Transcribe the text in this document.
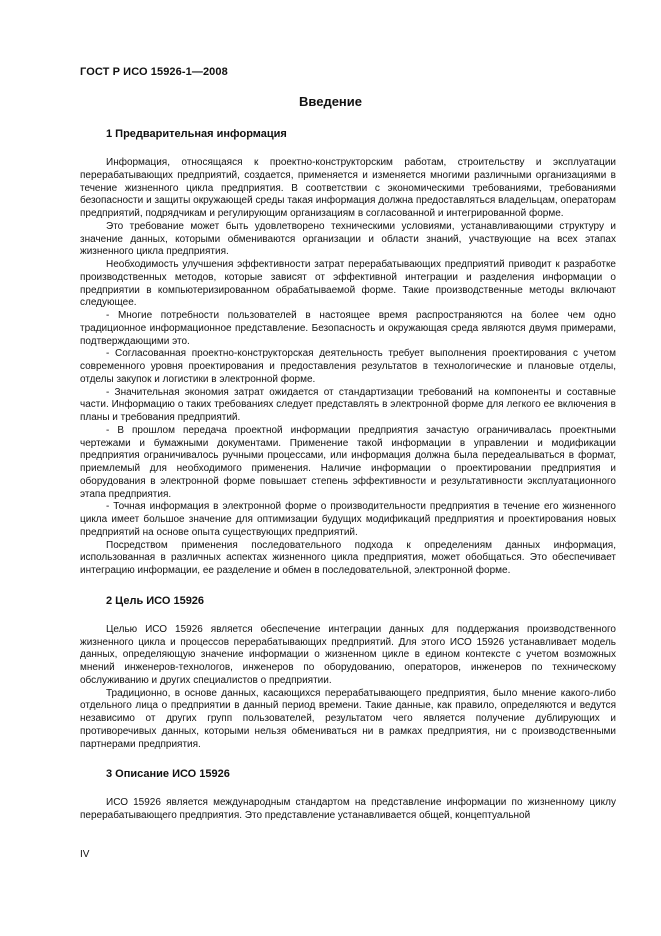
ГОСТ Р ИСО 15926-1—2008
Введение
1 Предварительная информация

Информация, относящаяся к проектно-конструкторским работам, строительству и эксплуатации перерабатывающих предприятий, создается, применяется и изменяется многими различными организациями в течение жизненного цикла предприятия. В соответствии с экономическими требованиями, требованиями безопасности и защиты окружающей среды такая информация должна предоставляться владельцам, операторам предприятий, подрядчикам и регулирующим организациям в согласованной и интегрированной форме.

Это требование может быть удовлетворено техническими условиями, устанавливающими структуру и значение данных, которыми обмениваются организации и области знаний, участвующие на всех этапах жизненного цикла предприятия.

Необходимость улучшения эффективности затрат перерабатывающих предприятий приводит к разработке производственных методов, которые зависят от эффективной интеграции и разделения информации о предприятии в компьютеризированном обрабатываемой форме. Такие производственные методы включают следующее.

- Многие потребности пользователей в настоящее время распространяются на более чем одно традиционное информационное представление. Безопасность и окружающая среда являются двумя примерами, подтверждающими это.

- Согласованная проектно-конструкторская деятельность требует выполнения проектирования с учетом современного уровня проектирования и предоставления результатов в технологические и плановые отделы, отделы закупок и логистики в электронной форме.

- Значительная экономия затрат ожидается от стандартизации требований на компоненты и составные части. Информацию о таких требованиях следует представлять в электронной форме для легкого ее включения в планы и требования предприятий.

- В прошлом передача проектной информации предприятия зачастую ограничивалась проектными чертежами и бумажными документами. Применение такой информации в управлении и модификации предприятия ограничивалось ручными процессами, или информация должна была передеалываться в формат, приемлемый для необходимого применения. Наличие информации о проектировании предприятия и оборудования в электронной форме повышает степень эффективности и результативности эксплуатационного этапа предприятия.

- Точная информация в электронной форме о производительности предприятия в течение его жизненного цикла имеет большое значение для оптимизации будущих модификаций предприятия и проектирования новых предприятий на основе опыта существующих предприятий.

Посредством применения последовательного подхода к определениям данных информация, использованная в различных аспектах жизненного цикла предприятия, может обобщаться. Это обеспечивает интеграцию информации, ее разделение и обмен в последовательной, электронной форме.

2 Цель ИСО 15926

Целью ИСО 15926 является обеспечение интеграции данных для поддержания производственного жизненного цикла и процессов перерабатывающих предприятий. Для этого ИСО 15926 устанавливает модель данных, определяющую значение информации о жизненном цикле в едином контексте с учетом возможных мнений инженеров-технологов, инженеров по оборудованию, операторов, инженеров по техническому обслуживанию и других специалистов о предприятии.

Традиционно, в основе данных, касающихся перерабатывающего предприятия, было мнение какого-либо отдельного лица о предприятии в данный период времени. Такие данные, как правило, определяются и ведутся независимо от других групп пользователей, результатом чего является получение дублирующих и противоречивых данных, которыми нельзя обмениваться ни в рамках предприятия, ни с производственными партнерами предприятия.

3 Описание ИСО 15926

ИСО 15926 является международным стандартом на представление информации по жизненному циклу перерабатывающего предприятия. Это представление устанавливается общей, концептуальной

IV
